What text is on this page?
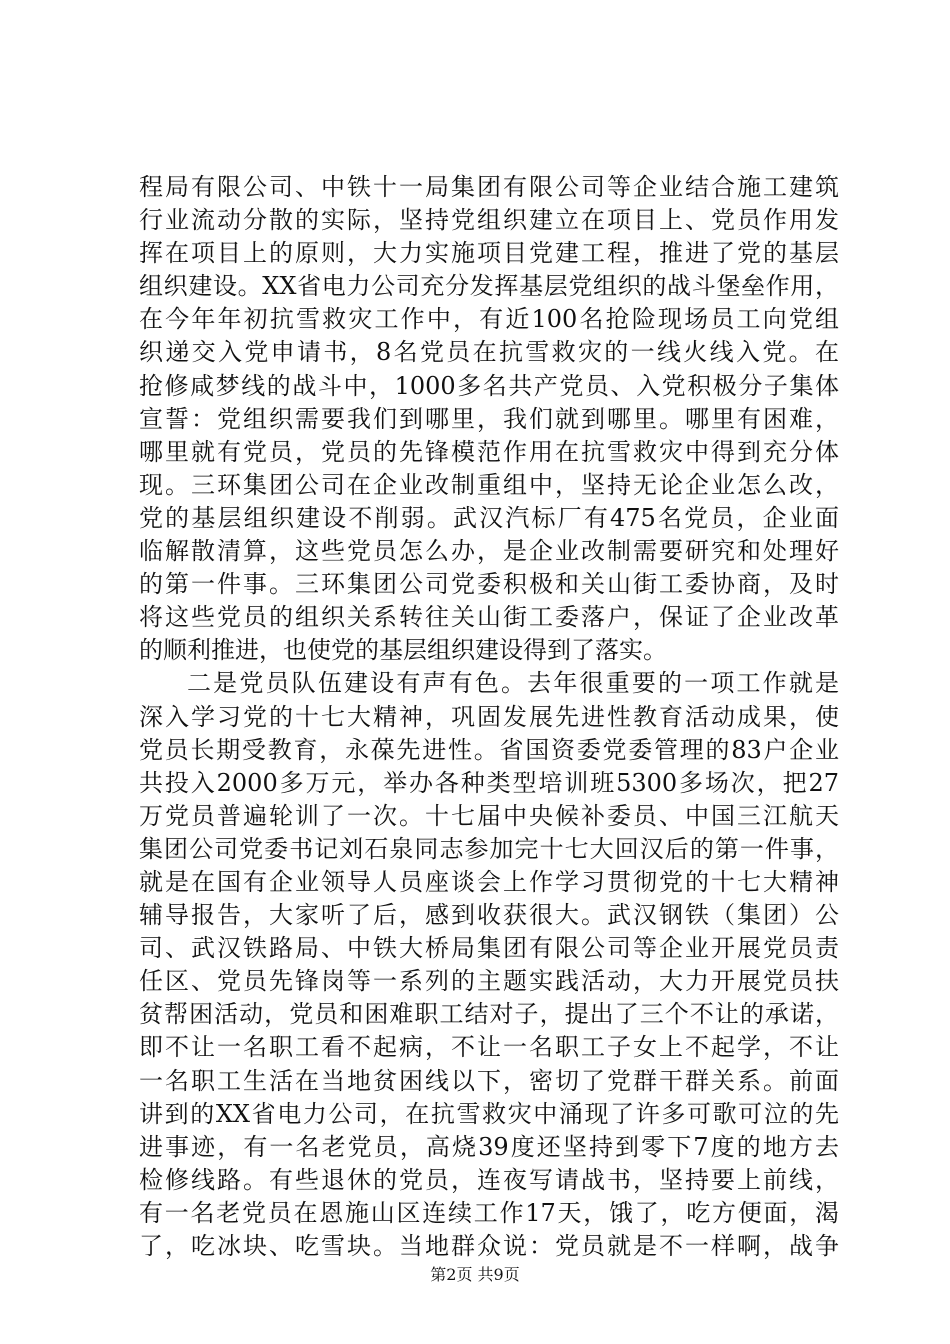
程局有限公司、中铁十一局集团有限公司等企业结合施工建筑
行业流动分散的实际，坚持党组织建立在项目上、党员作用发
挥在项目上的原则，大力实施项目党建工程，推进了党的基层
组织建设。XX省电力公司充分发挥基层党组织的战斗堡垒作用，
在今年年初抗雪救灾工作中，有近100名抢险现场员工向党组
织递交入党申请书，8名党员在抗雪救灾的一线火线入党。在
抢修咸梦线的战斗中，1000多名共产党员、入党积极分子集体
宣誓：党组织需要我们到哪里，我们就到哪里。哪里有困难，
哪里就有党员，党员的先锋模范作用在抗雪救灾中得到充分体
现。三环集团公司在企业改制重组中，坚持无论企业怎么改，
党的基层组织建设不削弱。武汉汽标厂有475名党员，企业面
临解散清算，这些党员怎么办，是企业改制需要研究和处理好
的第一件事。三环集团公司党委积极和关山街工委协商，及时
将这些党员的组织关系转往关山街工委落户，保证了企业改革
的顺利推进，也使党的基层组织建设得到了落实。
二是党员队伍建设有声有色。去年很重要的一项工作就是
深入学习党的十七大精神，巩固发展先进性教育活动成果，使
党员长期受教育，永葆先进性。省国资委党委管理的83户企业
共投入2000多万元，举办各种类型培训班5300多场次，把27
万党员普遍轮训了一次。十七届中央候补委员、中国三江航天
集团公司党委书记刘石泉同志参加完十七大回汉后的第一件事，
就是在国有企业领导人员座谈会上作学习贯彻党的十七大精神
辅导报告，大家听了后，感到收获很大。武汉钢铁（集团）公
司、武汉铁路局、中铁大桥局集团有限公司等企业开展党员责
任区、党员先锋岗等一系列的主题实践活动，大力开展党员扶
贫帮困活动，党员和困难职工结对子，提出了三个不让的承诺，
即不让一名职工看不起病，不让一名职工子女上不起学，不让
一名职工生活在当地贫困线以下，密切了党群干群关系。前面
讲到的XX省电力公司，在抗雪救灾中涌现了许多可歌可泣的先
进事迹，有一名老党员，高烧39度还坚持到零下7度的地方去
检修线路。有些退休的党员，连夜写请战书，坚持要上前线，
有一名老党员在恩施山区连续工作17天，饿了，吃方便面，渴
了，吃冰块、吃雪块。当地群众说：党员就是不一样啊，战争
第2页 共9页
